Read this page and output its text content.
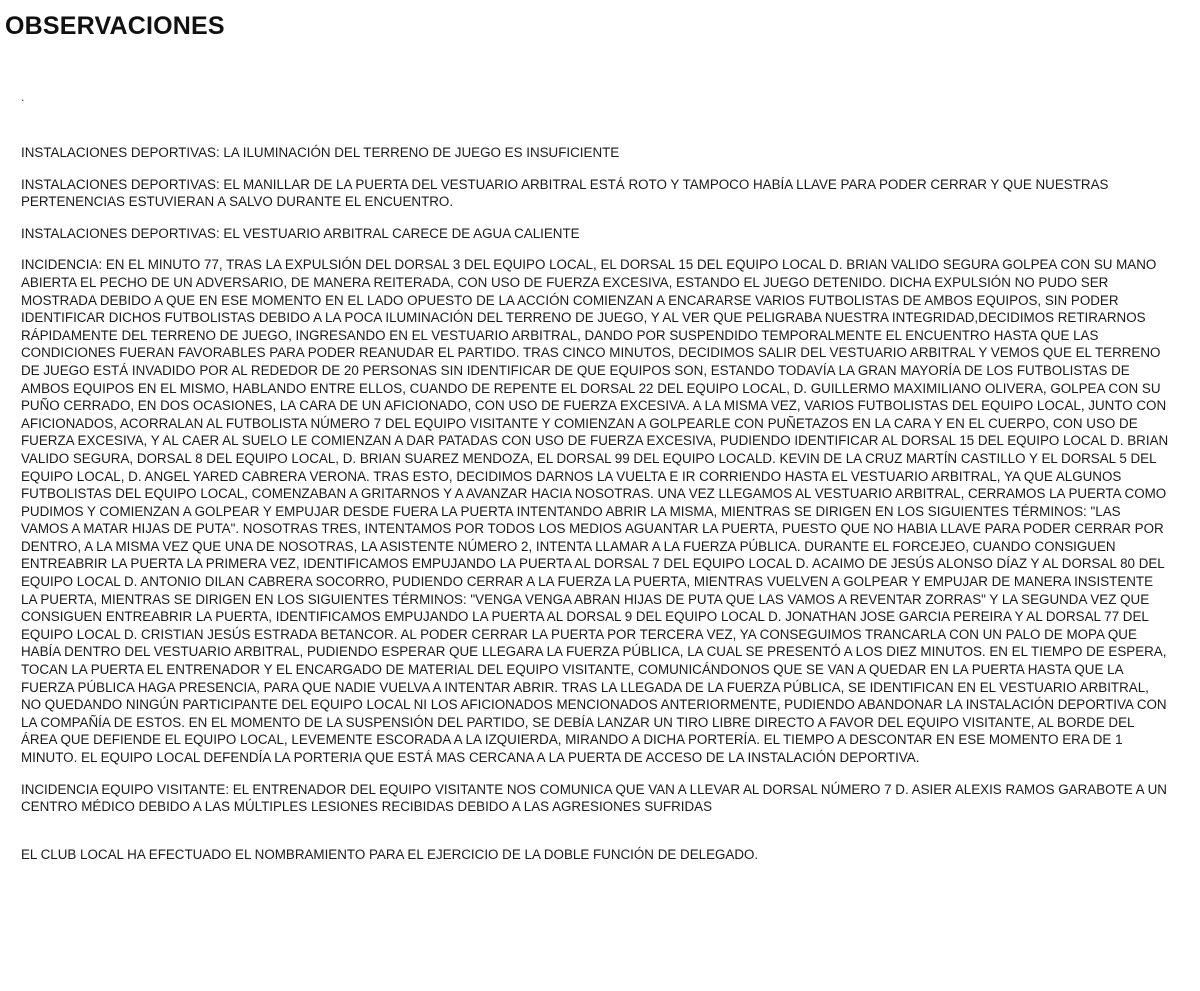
OBSERVACIONES
.

INSTALACIONES DEPORTIVAS: LA ILUMINACIÓN DEL TERRENO DE JUEGO ES INSUFICIENTE

INSTALACIONES DEPORTIVAS: EL MANILLAR DE LA PUERTA DEL VESTUARIO ARBITRAL ESTÁ ROTO Y TAMPOCO HABÍA LLAVE PARA PODER CERRAR Y QUE NUESTRAS PERTENENCIAS ESTUVIERAN A SALVO DURANTE EL ENCUENTRO.

INSTALACIONES DEPORTIVAS: EL VESTUARIO ARBITRAL CARECE DE AGUA CALIENTE

INCIDENCIA: EN EL MINUTO 77, TRAS LA EXPULSIÓN DEL DORSAL 3 DEL EQUIPO LOCAL, EL DORSAL 15 DEL EQUIPO LOCAL D. BRIAN VALIDO SEGURA GOLPEA CON SU MANO ABIERTA EL PECHO DE UN ADVERSARIO, DE MANERA REITERADA, CON USO DE FUERZA EXCESIVA, ESTANDO EL JUEGO DETENIDO. DICHA EXPULSIÓN NO PUDO SER MOSTRADA DEBIDO A QUE EN ESE MOMENTO EN EL LADO OPUESTO DE LA ACCIÓN COMIENZAN A ENCARARSE VARIOS FUTBOLISTAS DE AMBOS EQUIPOS, SIN PODER IDENTIFICAR DICHOS FUTBOLISTAS DEBIDO A LA POCA ILUMINACIÓN DEL TERRENO DE JUEGO, Y AL VER QUE PELIGRABA NUESTRA INTEGRIDAD,DECIDIMOS RETIRARNOS RÁPIDAMENTE DEL TERRENO DE JUEGO, INGRESANDO EN EL VESTUARIO ARBITRAL, DANDO POR SUSPENDIDO TEMPORALMENTE EL ENCUENTRO HASTA QUE LAS CONDICIONES FUERAN FAVORABLES PARA PODER REANUDAR EL PARTIDO. TRAS CINCO MINUTOS, DECIDIMOS SALIR DEL VESTUARIO ARBITRAL Y VEMOS QUE EL TERRENO DE JUEGO ESTÁ INVADIDO POR AL REDEDOR DE 20 PERSONAS SIN IDENTIFICAR DE QUE EQUIPOS SON, ESTANDO TODAVÍA LA GRAN MAYORÍA DE LOS FUTBOLISTAS DE AMBOS EQUIPOS EN EL MISMO, HABLANDO ENTRE ELLOS, CUANDO DE REPENTE EL DORSAL 22 DEL EQUIPO LOCAL, D. GUILLERMO MAXIMILIANO OLIVERA, GOLPEA CON SU PUÑO CERRADO, EN DOS OCASIONES, LA CARA DE UN AFICIONADO, CON USO DE FUERZA EXCESIVA. A LA MISMA VEZ, VARIOS FUTBOLISTAS DEL EQUIPO LOCAL, JUNTO CON AFICIONADOS, ACORRALAN AL FUTBOLISTA NÚMERO 7 DEL EQUIPO VISITANTE Y COMIENZAN A GOLPEARLE CON PUÑETAZOS EN LA CARA Y EN EL CUERPO, CON USO DE FUERZA EXCESIVA, Y AL CAER AL SUELO LE COMIENZAN A DAR PATADAS CON USO DE FUERZA EXCESIVA, PUDIENDO IDENTIFICAR AL DORSAL 15 DEL EQUIPO LOCAL D. BRIAN VALIDO SEGURA, DORSAL 8 DEL EQUIPO LOCAL, D. BRIAN SUAREZ MENDOZA, EL DORSAL 99 DEL EQUIPO LOCALD. KEVIN DE LA CRUZ MARTÍN CASTILLO Y EL DORSAL 5 DEL EQUIPO LOCAL, D. ANGEL YARED CABRERA VERONA. TRAS ESTO, DECIDIMOS DARNOS LA VUELTA E IR CORRIENDO HASTA EL VESTUARIO ARBITRAL, YA QUE ALGUNOS FUTBOLISTAS DEL EQUIPO LOCAL, COMENZABAN A GRITARNOS Y A AVANZAR HACIA NOSOTRAS. UNA VEZ LLEGAMOS AL VESTUARIO ARBITRAL, CERRAMOS LA PUERTA COMO PUDIMOS Y COMIENZAN A GOLPEAR Y EMPUJAR DESDE FUERA LA PUERTA INTENTANDO ABRIR LA MISMA, MIENTRAS SE DIRIGEN EN LOS SIGUIENTES TÉRMINOS: "LAS VAMOS A MATAR HIJAS DE PUTA". NOSOTRAS TRES, INTENTAMOS POR TODOS LOS MEDIOS AGUANTAR LA PUERTA, PUESTO QUE NO HABIA LLAVE PARA PODER CERRAR POR DENTRO, A LA MISMA VEZ QUE UNA DE NOSOTRAS, LA ASISTENTE NÚMERO 2, INTENTA LLAMAR A LA FUERZA PÚBLICA. DURANTE EL FORCEJEO, CUANDO CONSIGUEN ENTREABRIR LA PUERTA LA PRIMERA VEZ, IDENTIFICAMOS EMPUJANDO LA PUERTA AL DORSAL 7 DEL EQUIPO LOCAL D. ACAIMO DE JESÚS ALONSO DÍAZ Y AL DORSAL 80 DEL EQUIPO LOCAL D. ANTONIO DILAN CABRERA SOCORRO, PUDIENDO CERRAR A LA FUERZA LA PUERTA, MIENTRAS VUELVEN A GOLPEAR Y EMPUJAR DE MANERA INSISTENTE LA PUERTA, MIENTRAS SE DIRIGEN EN LOS SIGUIENTES TÉRMINOS: "VENGA VENGA ABRAN HIJAS DE PUTA QUE LAS VAMOS A REVENTAR ZORRAS" Y LA SEGUNDA VEZ QUE CONSIGUEN ENTREABRIR LA PUERTA, IDENTIFICAMOS EMPUJANDO LA PUERTA AL DORSAL 9 DEL EQUIPO LOCAL D. JONATHAN JOSE GARCIA PEREIRA Y AL DORSAL 77 DEL EQUIPO LOCAL D. CRISTIAN JESÚS ESTRADA BETANCOR. AL PODER CERRAR LA PUERTA POR TERCERA VEZ, YA CONSEGUIMOS TRANCARLA CON UN PALO DE MOPA QUE HABÍA DENTRO DEL VESTUARIO ARBITRAL, PUDIENDO ESPERAR QUE LLEGARA LA FUERZA PÚBLICA, LA CUAL SE PRESENTÓ A LOS DIEZ MINUTOS. EN EL TIEMPO DE ESPERA, TOCAN LA PUERTA EL ENTRENADOR Y EL ENCARGADO DE MATERIAL DEL EQUIPO VISITANTE, COMUNICÁNDONOS QUE SE VAN A QUEDAR EN LA PUERTA HASTA QUE LA FUERZA PÚBLICA HAGA PRESENCIA, PARA QUE NADIE VUELVA A INTENTAR ABRIR. TRAS LA LLEGADA DE LA FUERZA PÚBLICA, SE IDENTIFICAN EN EL VESTUARIO ARBITRAL, NO QUEDANDO NINGÚN PARTICIPANTE DEL EQUIPO LOCAL NI LOS AFICIONADOS MENCIONADOS ANTERIORMENTE, PUDIENDO ABANDONAR LA INSTALACIÓN DEPORTIVA CON LA COMPAÑÍA DE ESTOS. EN EL MOMENTO DE LA SUSPENSIÓN DEL PARTIDO, SE DEBÍA LANZAR UN TIRO LIBRE DIRECTO A FAVOR DEL EQUIPO VISITANTE, AL BORDE DEL ÁREA QUE DEFIENDE EL EQUIPO LOCAL, LEVEMENTE ESCORADA A LA IZQUIERDA, MIRANDO A DICHA PORTERÍA. EL TIEMPO A DESCONTAR EN ESE MOMENTO ERA DE 1 MINUTO. EL EQUIPO LOCAL DEFENDÍA LA PORTERIA QUE ESTÁ MAS CERCANA A LA PUERTA DE ACCESO DE LA INSTALACIÓN DEPORTIVA.

INCIDENCIA EQUIPO VISITANTE: EL ENTRENADOR DEL EQUIPO VISITANTE NOS COMUNICA QUE VAN A LLEVAR AL DORSAL NÚMERO 7 D. ASIER ALEXIS RAMOS GARABOTE A UN CENTRO MÉDICO DEBIDO A LAS MÚLTIPLES LESIONES RECIBIDAS DEBIDO A LAS AGRESIONES SUFRIDAS

EL CLUB LOCAL HA EFECTUADO EL NOMBRAMIENTO PARA EL EJERCICIO DE LA DOBLE FUNCIÓN DE DELEGADO.
